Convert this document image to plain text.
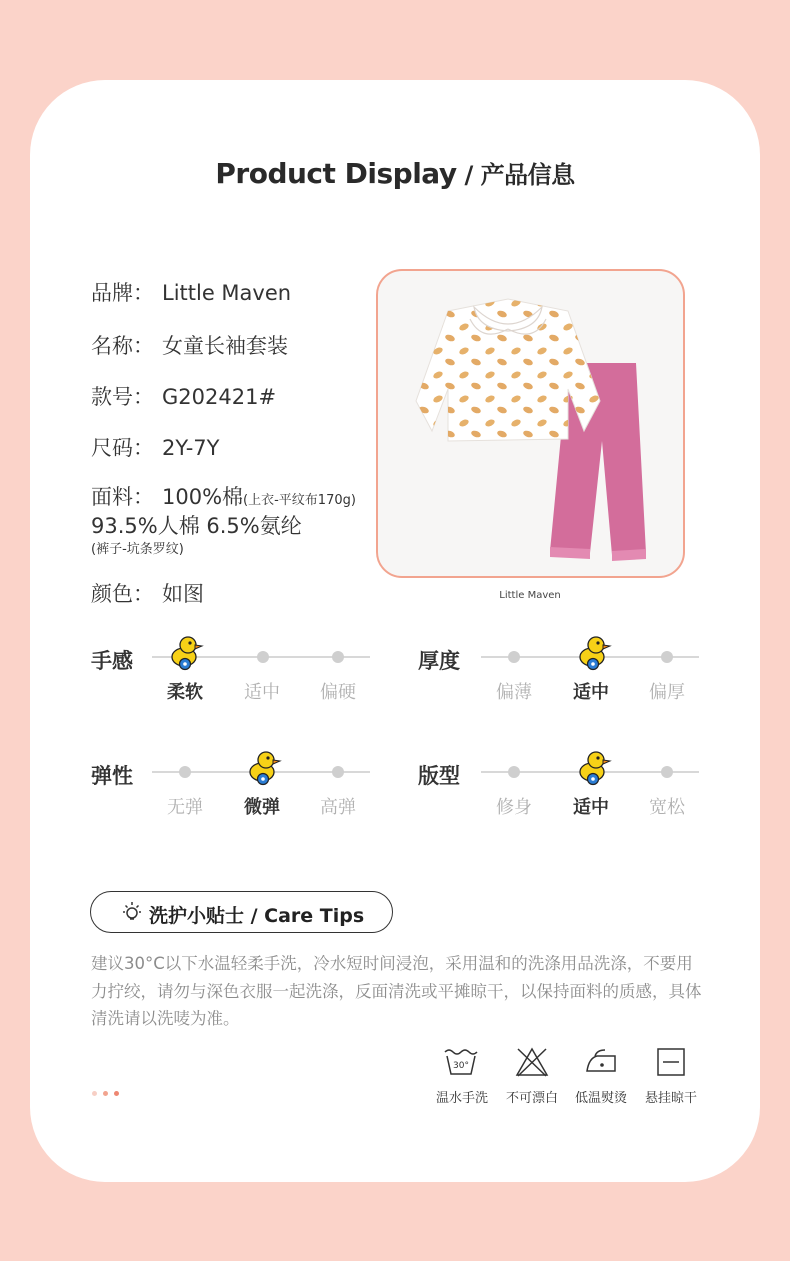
Product Display / 产品信息
品牌： Little Maven
名称： 女童长袖套装
款号： G202421#
尺码： 2Y-7Y
面料： 100%棉(上衣-平纹布170g)
93.5%人棉 6.5%氨纶
(裤子-坑条罗纹)
颜色： 如图	Little Maven
手感
柔软	适中	偏硬
厚度
偏薄	适中	偏厚
弹性
无弹	微弹	高弹
版型
修身	适中	宽松
洗护小贴士 / Care Tips
建议30°C以下水温轻柔手洗，冷水短时间浸泡，采用温和的洗涤用品洗涤，不要用力拧绞，请勿与深色衣服一起洗涤，反面清洗或平摊晾干，以保持面料的质感，具体清洗请以洗唛为准。
30°
温水手洗	不可漂白	低温熨烫	悬挂晾干
